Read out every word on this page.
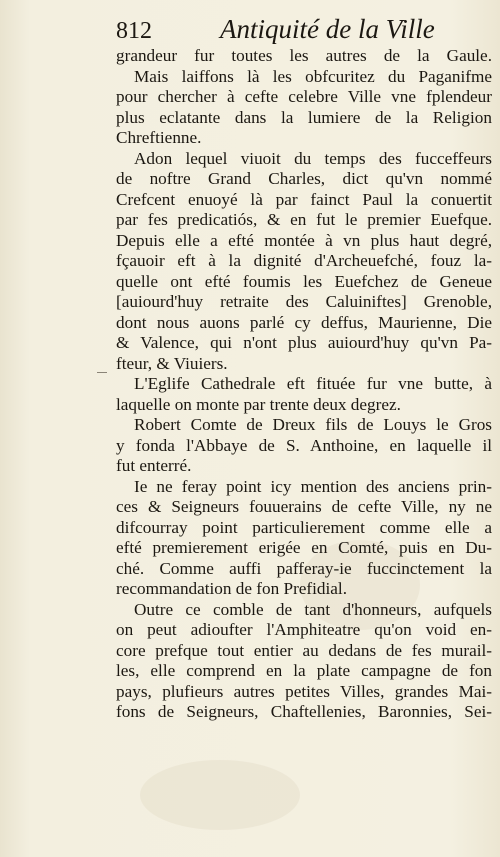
812	Antiquité de la Ville
grandeur fur toutes les autres de la Gaule.
Mais laiffons là les obfcuritez du Paganifme
pour chercher à cefte celebre Ville vne fplendeur
plus eclatante dans la lumiere de la Religion
Chreftienne.
Adon lequel viuoit du temps des fucceffeurs
de noftre Grand Charles, dict qu'vn nommé
Crefcent enuoyé là par fainct Paul la conuertit
par fes predicatiós, & en fut le premier Euefque.
Depuis elle a efté montée à vn plus haut degré,
fçauoir eft à la dignité d'Archeuefché, fouz la-
quelle ont efté foumis les Euefchez de Geneue
[auiourd'huy retraite des Caluiniftes] Grenoble,
dont nous auons parlé cy deffus, Maurienne, Die
& Valence, qui n'ont plus auiourd'huy qu'vn Pa-
fteur, & Viuiers.
L'Eglife Cathedrale eft fituée fur vne butte, à
laquelle on monte par trente deux degrez.
Robert Comte de Dreux fils de Louys le Gros
y fonda l'Abbaye de S. Anthoine, en laquelle il
fut enterré.
Ie ne feray point icy mention des anciens prin-
ces & Seigneurs fouuerains de cefte Ville, ny ne
difcourray point particulierement comme elle a
efté premierement erigée en Comté, puis en Du-
ché. Comme auffi pafferay-ie fuccinctement la
recommandation de fon Prefidial.
Outre ce comble de tant d'honneurs, aufquels
on peut adioufter l'Amphiteatre qu'on void en-
core prefque tout entier au dedans de fes murail-
les, elle comprend en la plate campagne de fon
pays, plufieurs autres petites Villes, grandes Mai-
fons de Seigneurs, Chaftellenies, Baronnies, Sei-
